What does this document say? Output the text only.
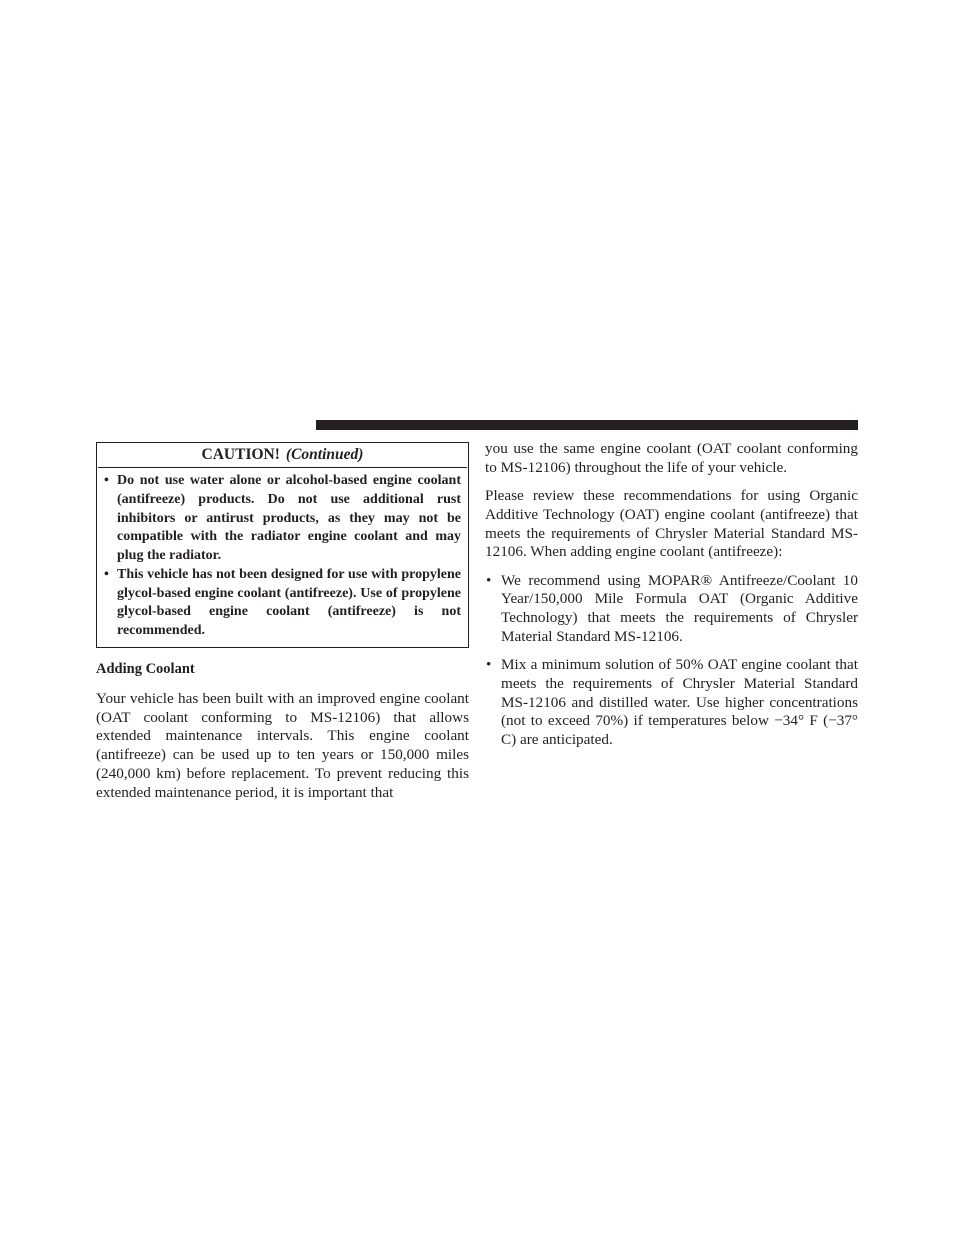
CAUTION! (Continued)
• Do not use water alone or alcohol-based engine coolant (antifreeze) products. Do not use additional rust inhibitors or antirust products, as they may not be compatible with the radiator engine coolant and may plug the radiator.
• This vehicle has not been designed for use with propylene glycol-based engine coolant (antifreeze). Use of propylene glycol-based engine coolant (antifreeze) is not recommended.
Adding Coolant

Your vehicle has been built with an improved engine coolant (OAT coolant conforming to MS-12106) that allows extended maintenance intervals. This engine coolant (antifreeze) can be used up to ten years or 150,000 miles (240,000 km) before replacement. To prevent reducing this extended maintenance period, it is important that

you use the same engine coolant (OAT coolant conforming to MS-12106) throughout the life of your vehicle.

Please review these recommendations for using Organic Additive Technology (OAT) engine coolant (antifreeze) that meets the requirements of Chrysler Material Standard MS-12106. When adding engine coolant (antifreeze):

• We recommend using MOPAR® Antifreeze/Coolant 10 Year/150,000 Mile Formula OAT (Organic Additive Technology) that meets the requirements of Chrysler Material Standard MS-12106.
• Mix a minimum solution of 50% OAT engine coolant that meets the requirements of Chrysler Material Standard MS-12106 and distilled water. Use higher concentrations (not to exceed 70%) if temperatures below −34° F (−37° C) are anticipated.
